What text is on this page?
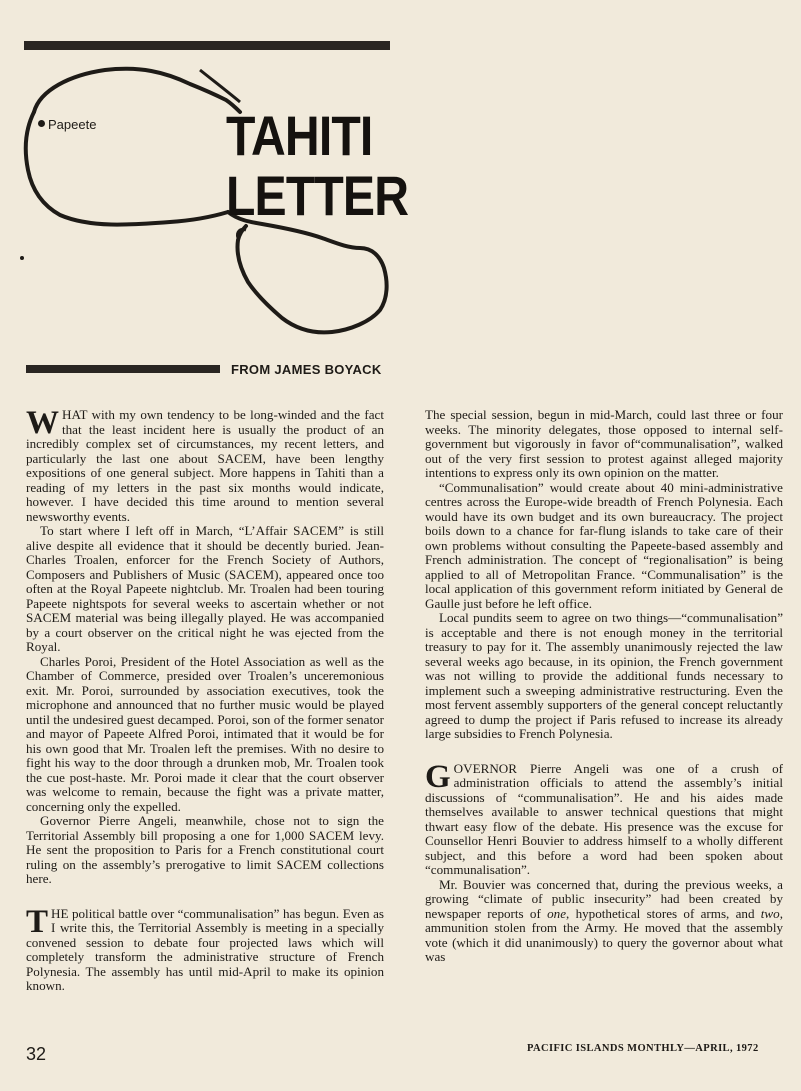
Papeete TAHITI
LETTER
FROM JAMES BOYACK

WHAT with my own tendency to be long-winded and the fact that the least incident here is usually the product of an incredibly complex set of circumstances, my recent letters, and particularly the last one about SACEM, have been lengthy expositions of one general subject. More happens in Tahiti than a reading of my letters in the past six months would indicate, however. I have decided this time around to mention several newsworthy events.

To start where I left off in March, “L’Affair SACEM” is still alive despite all evidence that it should be decently buried. Jean-Charles Troalen, enforcer for the French Society of Authors, Composers and Publishers of Music (SACEM), appeared once too often at the Royal Papeete nightclub. Mr. Troalen had been touring Papeete nightspots for several weeks to ascertain whether or not SACEM material was being illegally played. He was accompanied by a court observer on the critical night he was ejected from the Royal.

Charles Poroi, President of the Hotel Association as well as the Chamber of Commerce, presided over Troalen’s unceremonious exit. Mr. Poroi, surrounded by association executives, took the microphone and announced that no further music would be played until the undesired guest decamped. Poroi, son of the former senator and mayor of Papeete Alfred Poroi, intimated that it would be for his own good that Mr. Troalen left the premises. With no desire to fight his way to the door through a drunken mob, Mr. Troalen took the cue post-haste. Mr. Poroi made it clear that the court observer was welcome to remain, because the fight was a private matter, concerning only the expelled.

Governor Pierre Angeli, meanwhile, chose not to sign the Territorial Assembly bill proposing a one for 1,000 SACEM levy. He sent the proposition to Paris for a French constitutional court ruling on the assembly’s prerogative to limit SACEM collections here.

THE political battle over “communalisation” has begun. Even as I write this, the Territorial Assembly is meeting in a specially convened session to debate four projected laws which will completely transform the administrative structure of French Polynesia. The assembly has until mid-April to make its opinion known.

The special session, begun in mid-March, could last three or four weeks. The minority delegates, those opposed to internal self-government but vigorously in favor of“communalisation”, walked out of the very first session to protest against alleged majority intentions to express only its own opinion on the matter.

“Communalisation” would create about 40 mini-administrative centres across the Europe-wide breadth of French Polynesia. Each would have its own budget and its own bureaucracy. The project boils down to a chance for far-flung islands to take care of their own problems without consulting the Papeete-based assembly and French administration. The concept of “regionalisation” is being applied to all of Metropolitan France. “Communalisation” is the local application of this government reform initiated by General de Gaulle just before he left office.

Local pundits seem to agree on two things—“communalisation” is acceptable and there is not enough money in the territorial treasury to pay for it. The assembly unanimously rejected the law several weeks ago because, in its opinion, the French government was not willing to provide the additional funds necessary to implement such a sweeping administrative restructuring. Even the most fervent assembly supporters of the general concept reluctantly agreed to dump the project if Paris refused to increase its already large subsidies to French Polynesia.

GOVERNOR Pierre Angeli was one of a crush of administration officials to attend the assembly’s initial discussions of “communalisation”. He and his aides made themselves available to answer technical questions that might thwart easy flow of the debate. His presence was the excuse for Counsellor Henri Bouvier to address himself to a wholly different subject, and this before a word had been spoken about “communalisation”.

Mr. Bouvier was concerned that, during the previous weeks, a growing “climate of public insecurity” had been created by newspaper reports of one, hypothetical stores of arms, and two, ammunition stolen from the Army. He moved that the assembly vote (which it did unanimously) to query the governor about what was

32	PACIFIC ISLANDS MONTHLY—APRIL, 1972
